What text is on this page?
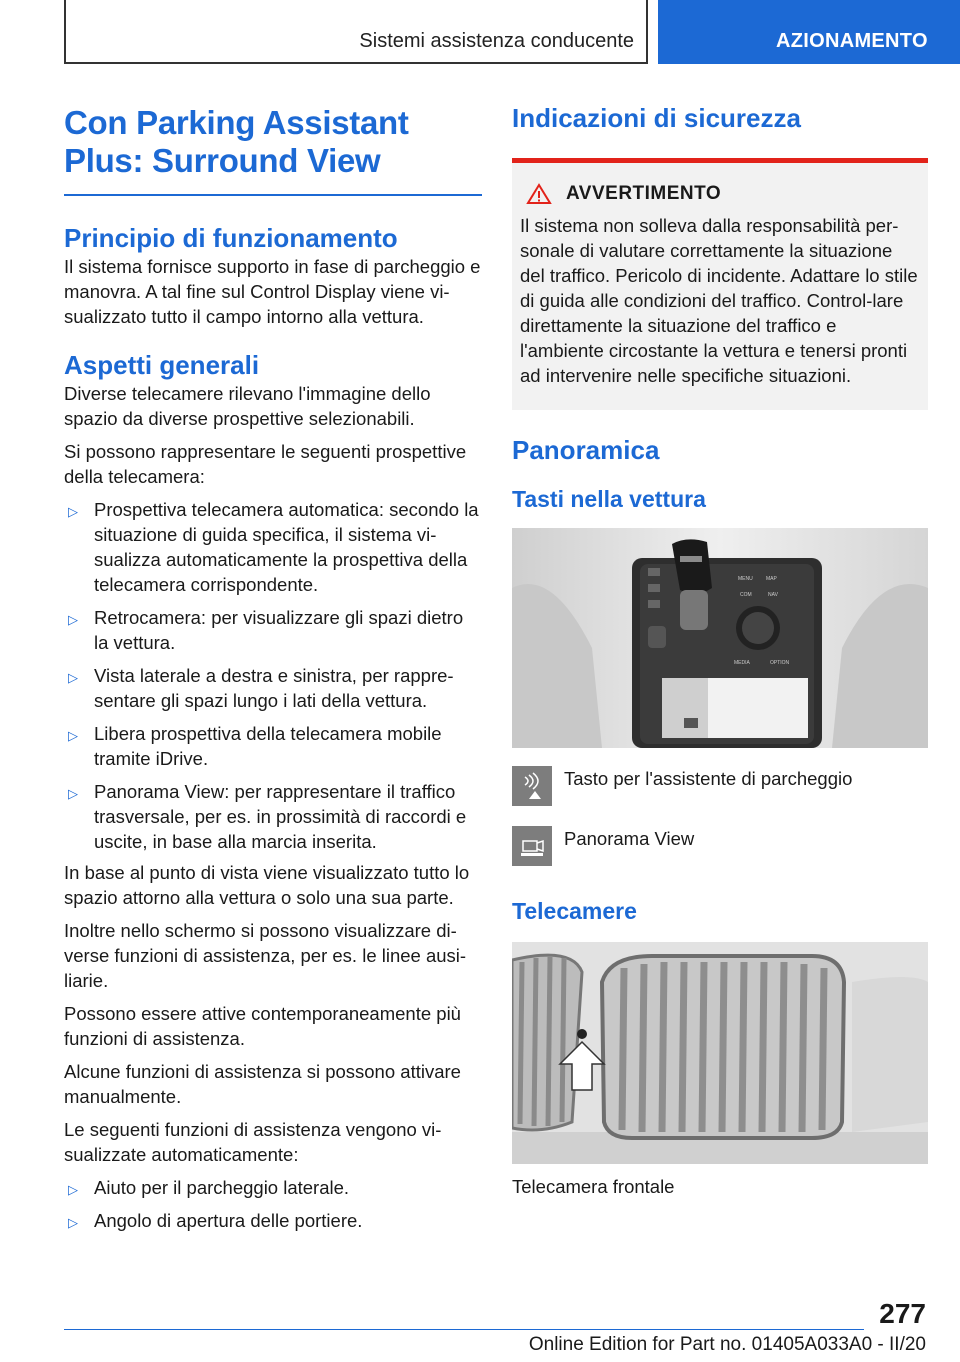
Sistemi assistenza conducente	AZIONAMENTO
Con Parking Assistant Plus: Surround View
Principio di funzionamento
Il sistema fornisce supporto in fase di parcheggio e manovra. A tal fine sul Control Display viene vi-sualizzato tutto il campo intorno alla vettura.
Aspetti generali
Diverse telecamere rilevano l'immagine dello spazio da diverse prospettive selezionabili.
Si possono rappresentare le seguenti prospettive della telecamera:
▷ Prospettiva telecamera automatica: secondo la situazione di guida specifica, il sistema vi-sualizza automaticamente la prospettiva della telecamera corrispondente.
▷ Retrocamera: per visualizzare gli spazi dietro la vettura.
▷ Vista laterale a destra e sinistra, per rappre-sentare gli spazi lungo i lati della vettura.
▷ Libera prospettiva della telecamera mobile tramite iDrive.
▷ Panorama View: per rappresentare il traffico trasversale, per es. in prossimità di raccordi e uscite, in base alla marcia inserita.
In base al punto di vista viene visualizzato tutto lo spazio attorno alla vettura o solo una sua parte.
Inoltre nello schermo si possono visualizzare di-verse funzioni di assistenza, per es. le linee ausi-liarie.
Possono essere attive contemporaneamente più funzioni di assistenza.
Alcune funzioni di assistenza si possono attivare manualmente.
Le seguenti funzioni di assistenza vengono vi-sualizzate automaticamente:
▷ Aiuto per il parcheggio laterale.
▷ Angolo di apertura delle portiere.
Indicazioni di sicurezza
AVVERTIMENTO
Il sistema non solleva dalla responsabilità per-sonale di valutare correttamente la situazione del traffico. Pericolo di incidente. Adattare lo stile di guida alle condizioni del traffico. Control-lare direttamente la situazione del traffico e l'ambiente circostante la vettura e tenersi pronti ad intervenire nelle specifiche situazioni.
Panoramica
Tasti nella vettura
MENU	MAP
COM	NAV
MEDIA	OPTION
Tasto per l'assistente di parcheggio
Panorama View
Telecamere
Telecamera frontale
277
Online Edition for Part no. 01405A033A0 - II/20
